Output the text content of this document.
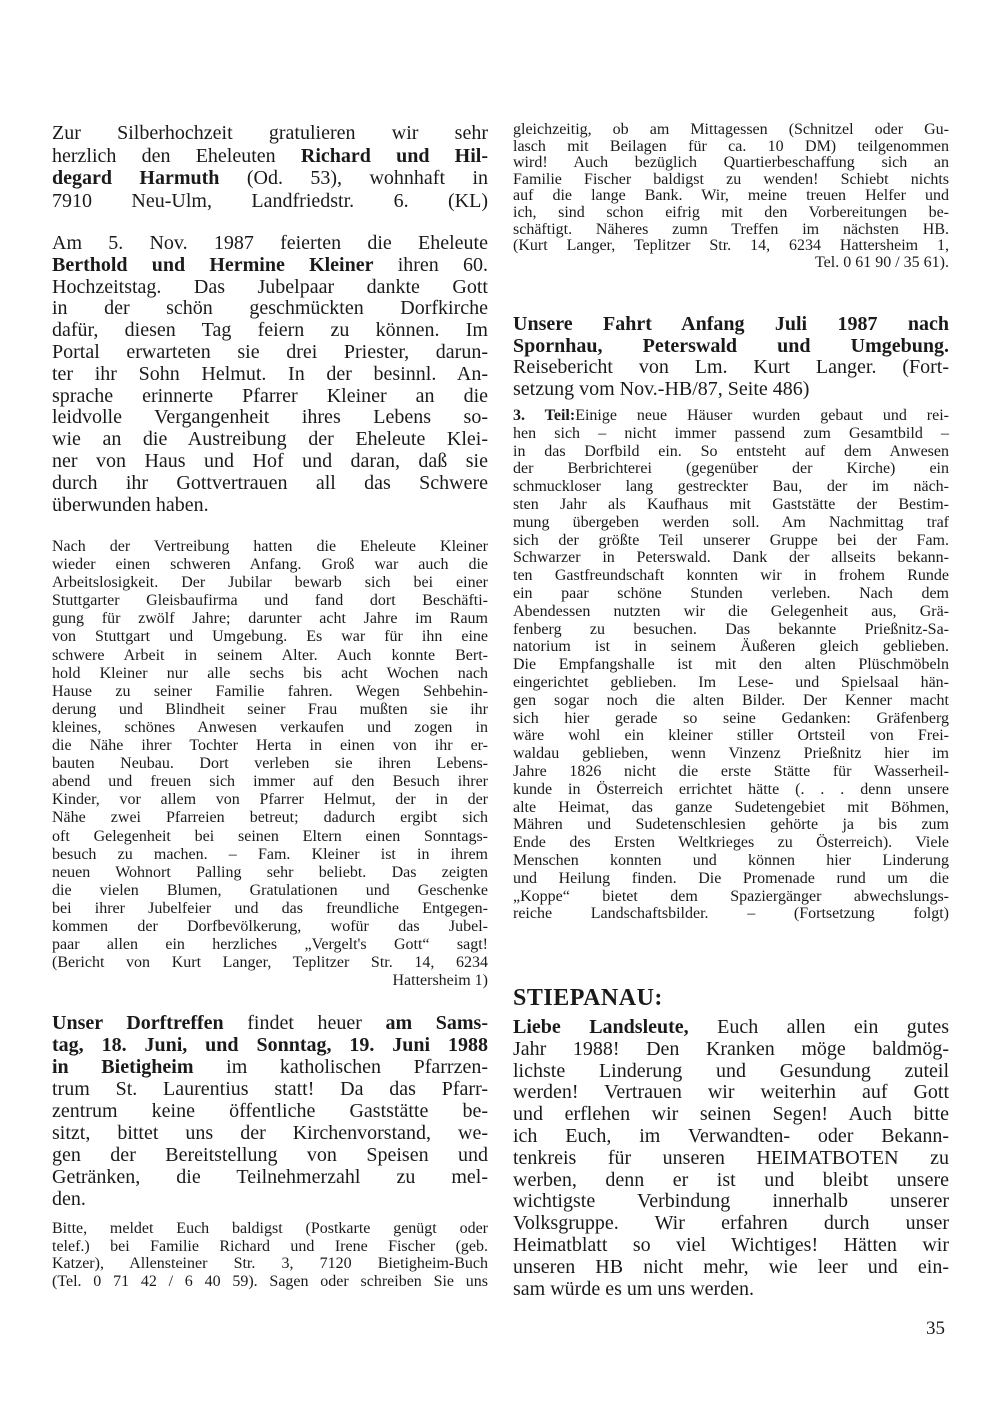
Zur Silberhochzeit gratulieren wir sehr
herzlich den Eheleuten Richard und Hil-
degard Harmuth (Od. 53), wohnhaft in
7910 Neu-Ulm, Landfriedstr. 6. (KL)
Am 5. Nov. 1987 feierten die Eheleute
Berthold und Hermine Kleiner ihren 60.
Hochzeitstag. Das Jubelpaar dankte Gott
in der schön geschmückten Dorfkirche
dafür, diesen Tag feiern zu können. Im
Portal erwarteten sie drei Priester, darun-
ter ihr Sohn Helmut. In der besinnl. An-
sprache erinnerte Pfarrer Kleiner an die
leidvolle Vergangenheit ihres Lebens so-
wie an die Austreibung der Eheleute Klei-
ner von Haus und Hof und daran, daß sie
durch ihr Gottvertrauen all das Schwere
überwunden haben.
Nach der Vertreibung hatten die Eheleute Kleiner
wieder einen schweren Anfang. Groß war auch die
Arbeitslosigkeit. Der Jubilar bewarb sich bei einer
Stuttgarter Gleisbaufirma und fand dort Beschäfti-
gung für zwölf Jahre; darunter acht Jahre im Raum
von Stuttgart und Umgebung. Es war für ihn eine
schwere Arbeit in seinem Alter. Auch konnte Bert-
hold Kleiner nur alle sechs bis acht Wochen nach
Hause zu seiner Familie fahren. Wegen Sehbehin-
derung und Blindheit seiner Frau mußten sie ihr
kleines, schönes Anwesen verkaufen und zogen in
die Nähe ihrer Tochter Herta in einen von ihr er-
bauten Neubau. Dort verleben sie ihren Lebens-
abend und freuen sich immer auf den Besuch ihrer
Kinder, vor allem von Pfarrer Helmut, der in der
Nähe zwei Pfarreien betreut; dadurch ergibt sich
oft Gelegenheit bei seinen Eltern einen Sonntags-
besuch zu machen. – Fam. Kleiner ist in ihrem
neuen Wohnort Palling sehr beliebt. Das zeigten
die vielen Blumen, Gratulationen und Geschenke
bei ihrer Jubelfeier und das freundliche Entgegen-
kommen der Dorfbevölkerung, wofür das Jubel-
paar allen ein herzliches „Vergelt's Gott“ sagt!
(Bericht von Kurt Langer, Teplitzer Str. 14, 6234
Hattersheim 1)
Unser Dorftreffen findet heuer am Sams-
tag, 18. Juni, und Sonntag, 19. Juni 1988
in Bietigheim im katholischen Pfarrzen-
trum St. Laurentius statt! Da das Pfarr-
zentrum keine öffentliche Gaststätte be-
sitzt, bittet uns der Kirchenvorstand, we-
gen der Bereitstellung von Speisen und
Getränken, die Teilnehmerzahl zu mel-
den.
Bitte, meldet Euch baldigst (Postkarte genügt oder
telef.) bei Familie Richard und Irene Fischer (geb.
Katzer), Allensteiner Str. 3, 7120 Bietigheim-Buch
(Tel. 0 71 42 / 6 40 59). Sagen oder schreiben Sie uns
gleichzeitig, ob am Mittagessen (Schnitzel oder Gu-
lasch mit Beilagen für ca. 10 DM) teilgenommen
wird! Auch bezüglich Quartierbeschaffung sich an
Familie Fischer baldigst zu wenden! Schiebt nichts
auf die lange Bank. Wir, meine treuen Helfer und
ich, sind schon eifrig mit den Vorbereitungen be-
schäftigt. Näheres zumn Treffen im nächsten HB.
(Kurt Langer, Teplitzer Str. 14, 6234 Hattersheim 1,
Tel. 0 61 90 / 35 61).
Unsere Fahrt Anfang Juli 1987 nach
Spornhau, Peterswald und Umgebung.
Reisebericht von Lm. Kurt Langer. (Fort-
setzung vom Nov.-HB/87, Seite 486)
3. Teil:Einige neue Häuser wurden gebaut und rei-
hen sich – nicht immer passend zum Gesamtbild –
in das Dorfbild ein. So entsteht auf dem Anwesen
der Berbrichterei (gegenüber der Kirche) ein
schmuckloser lang gestreckter Bau, der im näch-
sten Jahr als Kaufhaus mit Gaststätte der Bestim-
mung übergeben werden soll. Am Nachmittag traf
sich der größte Teil unserer Gruppe bei der Fam.
Schwarzer in Peterswald. Dank der allseits bekann-
ten Gastfreundschaft konnten wir in frohem Runde
ein paar schöne Stunden verleben. Nach dem
Abendessen nutzten wir die Gelegenheit aus, Grä-
fenberg zu besuchen. Das bekannte Prießnitz-Sa-
natorium ist in seinem Äußeren gleich geblieben.
Die Empfangshalle ist mit den alten Plüschmöbeln
eingerichtet geblieben. Im Lese- und Spielsaal hän-
gen sogar noch die alten Bilder. Der Kenner macht
sich hier gerade so seine Gedanken: Gräfenberg
wäre wohl ein kleiner stiller Ortsteil von Frei-
waldau geblieben, wenn Vinzenz Prießnitz hier im
Jahre 1826 nicht die erste Stätte für Wasserheil-
kunde in Österreich errichtet hätte (. . . denn unsere
alte Heimat, das ganze Sudetengebiet mit Böhmen,
Mähren und Sudetenschlesien gehörte ja bis zum
Ende des Ersten Weltkrieges zu Österreich). Viele
Menschen konnten und können hier Linderung
und Heilung finden. Die Promenade rund um die
„Koppe“ bietet dem Spaziergänger abwechslungs-
reiche Landschaftsbilder. – (Fortsetzung folgt)
STIEPANAU:
Liebe Landsleute, Euch allen ein gutes
Jahr 1988! Den Kranken möge baldmög-
lichste Linderung und Gesundung zuteil
werden! Vertrauen wir weiterhin auf Gott
und erflehen wir seinen Segen! Auch bitte
ich Euch, im Verwandten- oder Bekann-
tenkreis für unseren HEIMATBOTEN zu
werben, denn er ist und bleibt unsere
wichtigste Verbindung innerhalb unserer
Volksgruppe. Wir erfahren durch unser
Heimatblatt so viel Wichtiges! Hätten wir
unseren HB nicht mehr, wie leer und ein-
sam würde es um uns werden.
35
